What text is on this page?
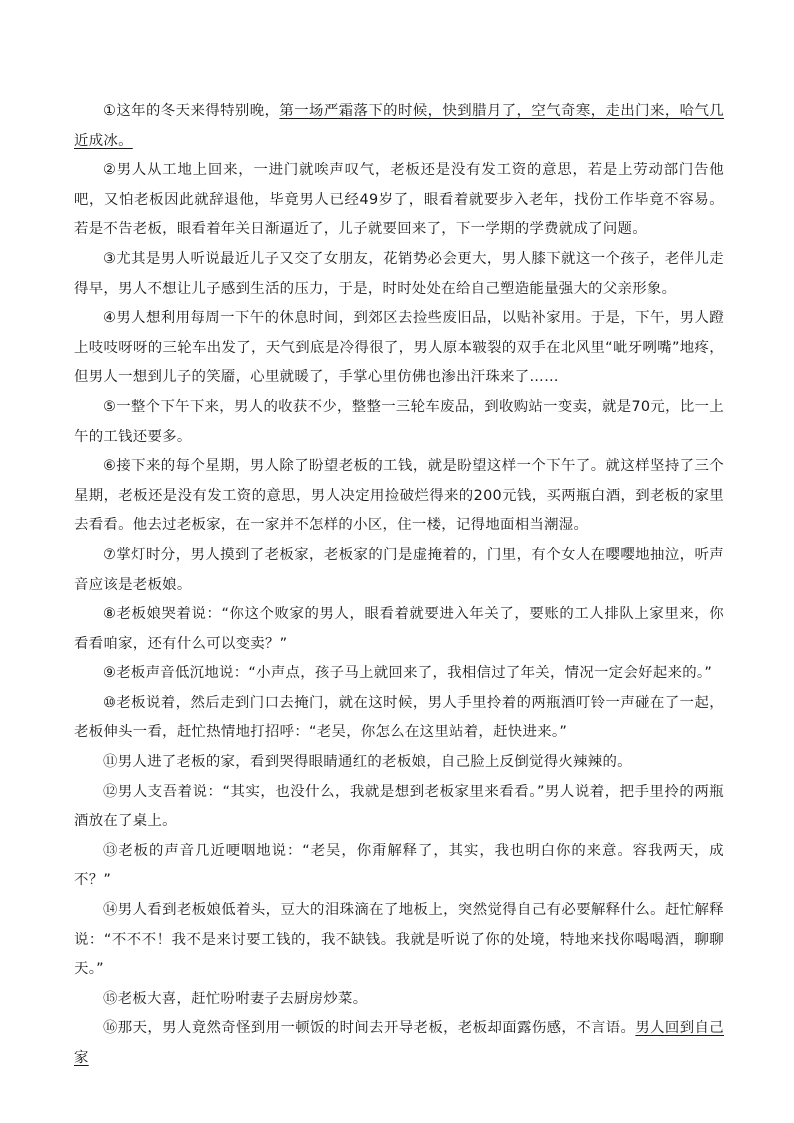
①这年的冬天来得特别晚，第一场严霜落下的时候，快到腊月了，空气奇寒，走出门来，哈气几近成冰。

②男人从工地上回来，一进门就唉声叹气，老板还是没有发工资的意思，若是上劳动部门告他吧，又怕老板因此就辞退他，毕竟男人已经49岁了，眼看着就要步入老年，找份工作毕竟不容易。若是不告老板，眼看着年关日渐逼近了，儿子就要回来了，下一学期的学费就成了问题。

③尤其是男人听说最近儿子又交了女朋友，花销势必会更大，男人膝下就这一个孩子，老伴儿走得早，男人不想让儿子感到生活的压力，于是，时时处处在给自己塑造能量强大的父亲形象。

④男人想利用每周一下午的休息时间，到郊区去捡些废旧品，以贴补家用。于是，下午，男人蹬上吱吱呀呀的三轮车出发了，天气到底是冷得很了，男人原本皲裂的双手在北风里“呲牙咧嘴”地疼，但男人一想到儿子的笑靥，心里就暖了，手掌心里仿佛也渗出汗珠来了……

⑤一整个下午下来，男人的收获不少，整整一三轮车废品，到收购站一变卖，就是70元，比一上午的工钱还要多。

⑥接下来的每个星期，男人除了盼望老板的工钱，就是盼望这样一个下午了。就这样坚持了三个星期，老板还是没有发工资的意思，男人决定用捡破烂得来的200元钱，买两瓶白酒，到老板的家里去看看。他去过老板家，在一家并不怎样的小区，住一楼，记得地面相当潮湿。

⑦掌灯时分，男人摸到了老板家，老板家的门是虚掩着的，门里，有个女人在嘤嘤地抽泣，听声音应该是老板娘。

⑧老板娘哭着说：“你这个败家的男人，眼看着就要进入年关了，要账的工人排队上家里来，你看看咱家，还有什么可以变卖？”

⑨老板声音低沉地说：“小声点，孩子马上就回来了，我相信过了年关，情况一定会好起来的。”

⑩老板说着，然后走到门口去掩门，就在这时候，男人手里拎着的两瓶酒叮铃一声碰在了一起，老板伸头一看，赶忙热情地打招呼：“老吴，你怎么在这里站着，赶快进来。”

⑪男人进了老板的家，看到哭得眼睛通红的老板娘，自己脸上反倒觉得火辣辣的。

⑫男人支吾着说：“其实，也没什么，我就是想到老板家里来看看。”男人说着，把手里拎的两瓶酒放在了桌上。

⑬老板的声音几近哽咽地说：“老吴，你甭解释了，其实，我也明白你的来意。容我两天，成不？”

⑭男人看到老板娘低着头，豆大的泪珠滴在了地板上，突然觉得自己有必要解释什么。赶忙解释说：“不不不！我不是来讨要工钱的，我不缺钱。我就是听说了你的处境，特地来找你喝喝酒，聊聊天。”

⑮老板大喜，赶忙吩咐妻子去厨房炒菜。

⑯那天，男人竟然奇怪到用一顿饭的时间去开导老板，老板却面露伤感，不言语。男人回到自己家
